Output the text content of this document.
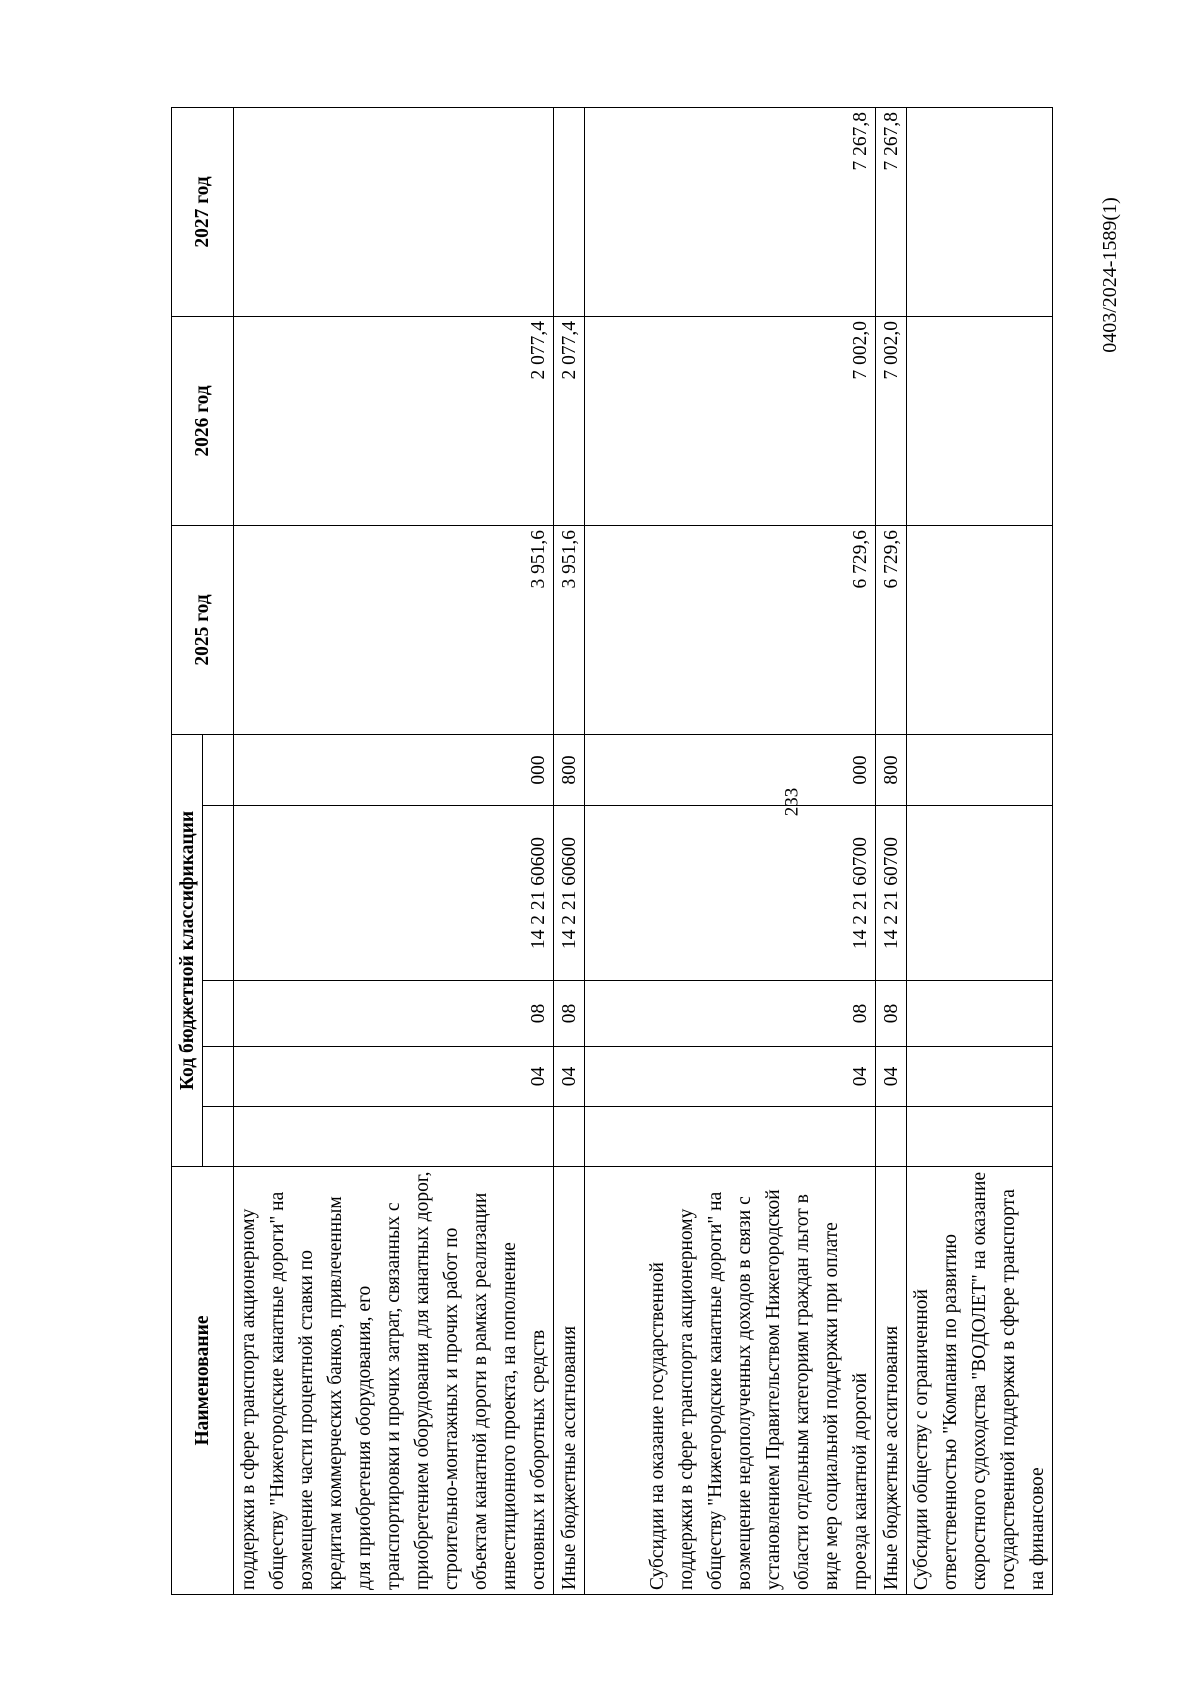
233
0403/2024-1589(1)
Наименование	Код бюджетной классификации					2025 год	2026 год	2027 год

поддержки в сфере транспорта акционерному обществу "Нижегородские канатные дороги" на возмещение части процентной ставки по кредитам коммерческих банков, привлеченным для приобретения оборудования, его транспортировки и прочих затрат, связанных с приобретением оборудования для канатных дорог, строительно-монтажных и прочих работ по объектам канатной дороги в рамках реализации инвестиционного проекта, на пополнение основных и оборотных средств		04	08	14 2 21 60600	000	3 951,6	2 077,4	
Иные бюджетные ассигнования		04	08	14 2 21 60600	800	3 951,6	2 077,4	
Субсидии на оказание государственной поддержки в сфере транспорта акционерному обществу "Нижегородские канатные дороги" на возмещение недополученных доходов в связи с установлением Правительством Нижегородской области отдельным категориям граждан льгот в виде мер социальной поддержки при оплате проезда канатной дорогой		04	08	14 2 21 60700	000	6 729,6	7 002,0	7 267,8
Иные бюджетные ассигнования		04	08	14 2 21 60700	800	6 729,6	7 002,0	7 267,8
Субсидии обществу с ограниченной ответственностью "Компания по развитию скоростного судоходства "ВОДОЛЕТ" на оказание государственной поддержки в сфере транспорта на финансовое								
